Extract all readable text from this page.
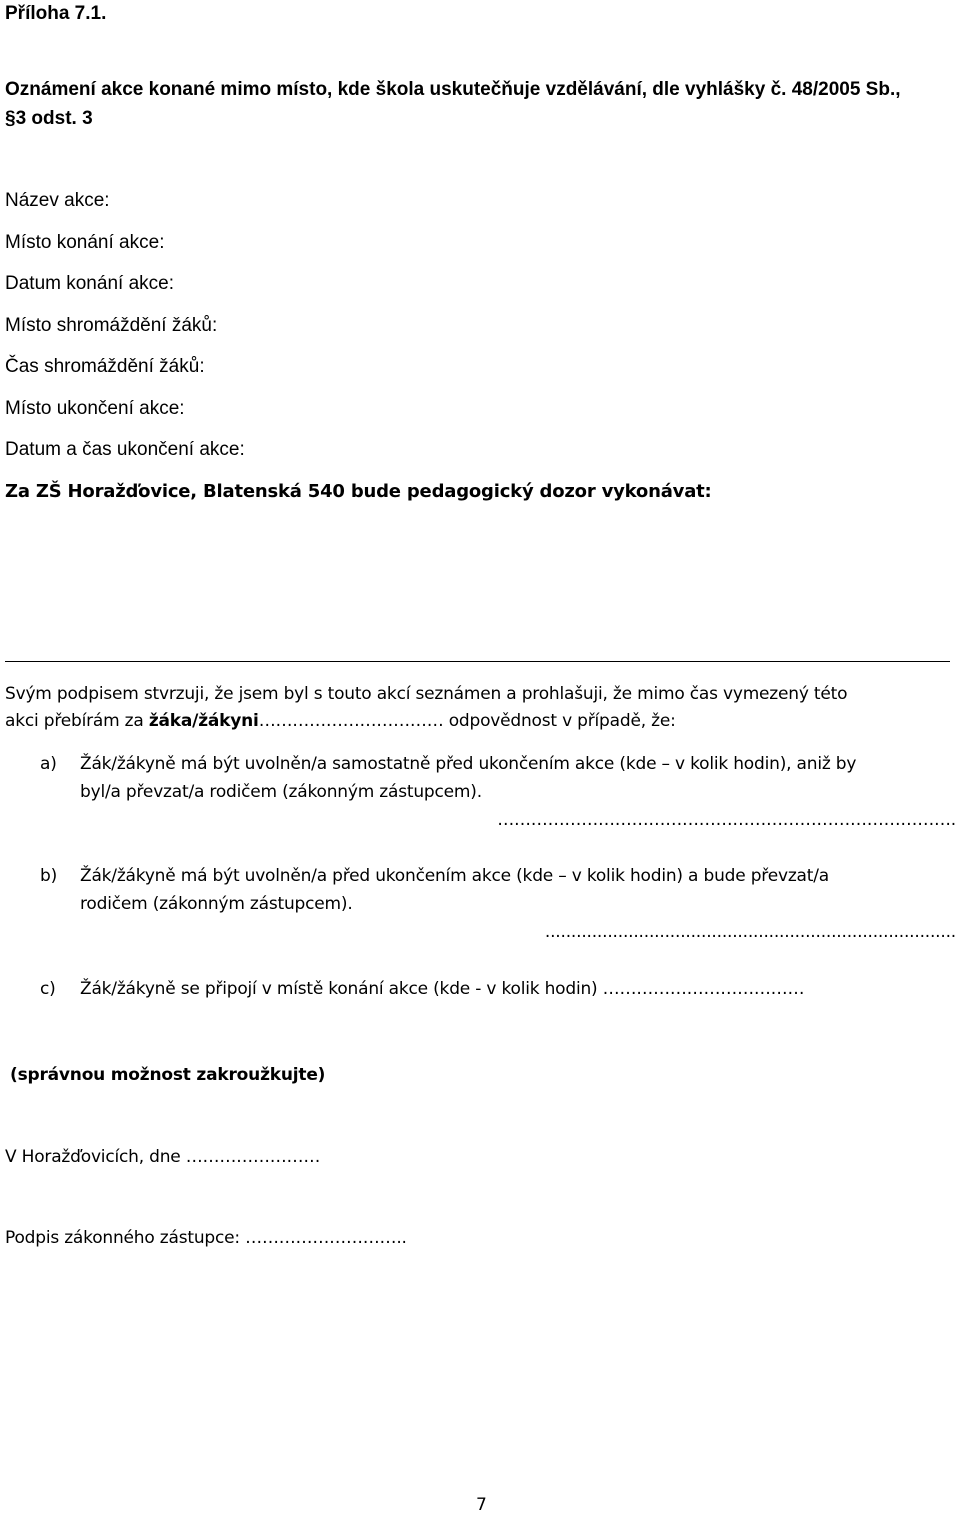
Příloha 7.1.
Oznámení akce konané mimo místo, kde škola uskutečňuje vzdělávání, dle vyhlášky č. 48/2005 Sb.,
§3 odst. 3
Název akce:
Místo konání akce:
Datum konání akce:
Místo shromáždění žáků:
Čas shromáždění žáků:
Místo ukončení akce:
Datum a čas ukončení akce:
Za ZŠ Horažďovice, Blatenská 540 bude pedagogický dozor vykonávat:
Svým podpisem stvrzuji, že jsem byl s touto akcí seznámen a prohlašuji, že mimo čas vymezený této
akci přebírám za žáka/žákyni…………………………… odpovědnost v případě, že:
a) Žák/žákyně má být uvolněn/a samostatně před ukončením akce (kde – v kolik hodin), aniž by
byl/a převzat/a rodičem (zákonným zástupcem).
……………………………………………………………………….
b) Žák/žákyně má být uvolněn/a před ukončením akce (kde – v kolik hodin) a bude převzat/a
rodičem (zákonným zástupcem).
...............................................................................
c) Žák/žákyně se připojí v místě konání akce (kde - v kolik hodin) ………………………………
(správnou možnost zakroužkujte)
V Horažďovicích, dne ……………………
Podpis zákonného zástupce: ………………………..
7
